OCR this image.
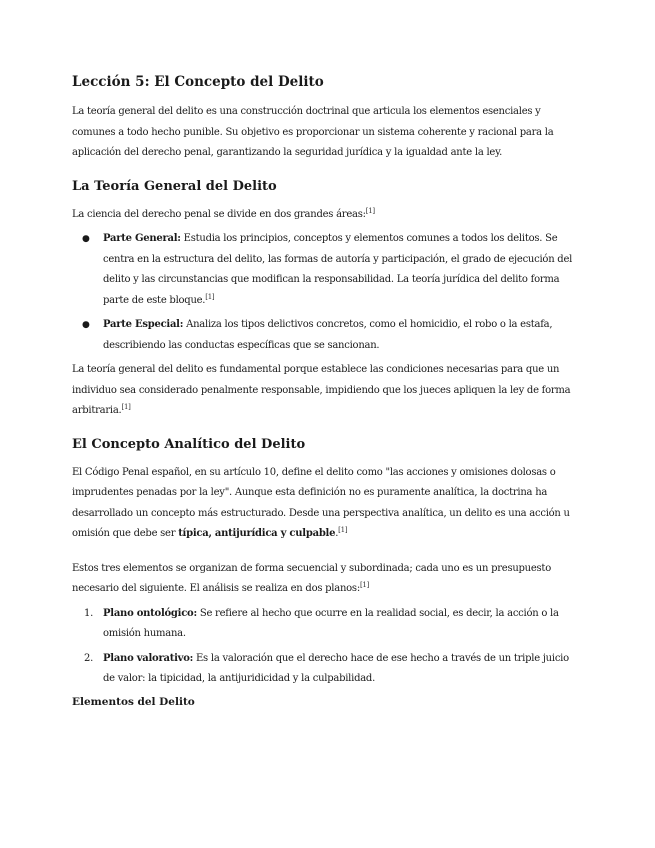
Lección 5: El Concepto del Delito

La teoría general del delito es una construcción doctrinal que articula los elementos esenciales y comunes a todo hecho punible. Su objetivo es proporcionar un sistema coherente y racional para la aplicación del derecho penal, garantizando la seguridad jurídica y la igualdad ante la ley.

La Teoría General del Delito

La ciencia del derecho penal se divide en dos grandes áreas:[1]

● Parte General: Estudia los principios, conceptos y elementos comunes a todos los delitos. Se centra en la estructura del delito, las formas de autoría y participación, el grado de ejecución del delito y las circunstancias que modifican la responsabilidad. La teoría jurídica del delito forma parte de este bloque.[1]
● Parte Especial: Analiza los tipos delictivos concretos, como el homicidio, el robo o la estafa, describiendo las conductas específicas que se sancionan.

La teoría general del delito es fundamental porque establece las condiciones necesarias para que un individuo sea considerado penalmente responsable, impidiendo que los jueces apliquen la ley de forma arbitraria.[1]

El Concepto Analítico del Delito

El Código Penal español, en su artículo 10, define el delito como "las acciones y omisiones dolosas o imprudentes penadas por la ley". Aunque esta definición no es puramente analítica, la doctrina ha desarrollado un concepto más estructurado. Desde una perspectiva analítica, un delito es una acción u omisión que debe ser típica, antijurídica y culpable.[1]

Estos tres elementos se organizan de forma secuencial y subordinada; cada uno es un presupuesto necesario del siguiente. El análisis se realiza en dos planos:[1]

1. Plano ontológico: Se refiere al hecho que ocurre en la realidad social, es decir, la acción o la omisión humana.
2. Plano valorativo: Es la valoración que el derecho hace de ese hecho a través de un triple juicio de valor: la tipicidad, la antijuridicidad y la culpabilidad.
Elementos del Delito
